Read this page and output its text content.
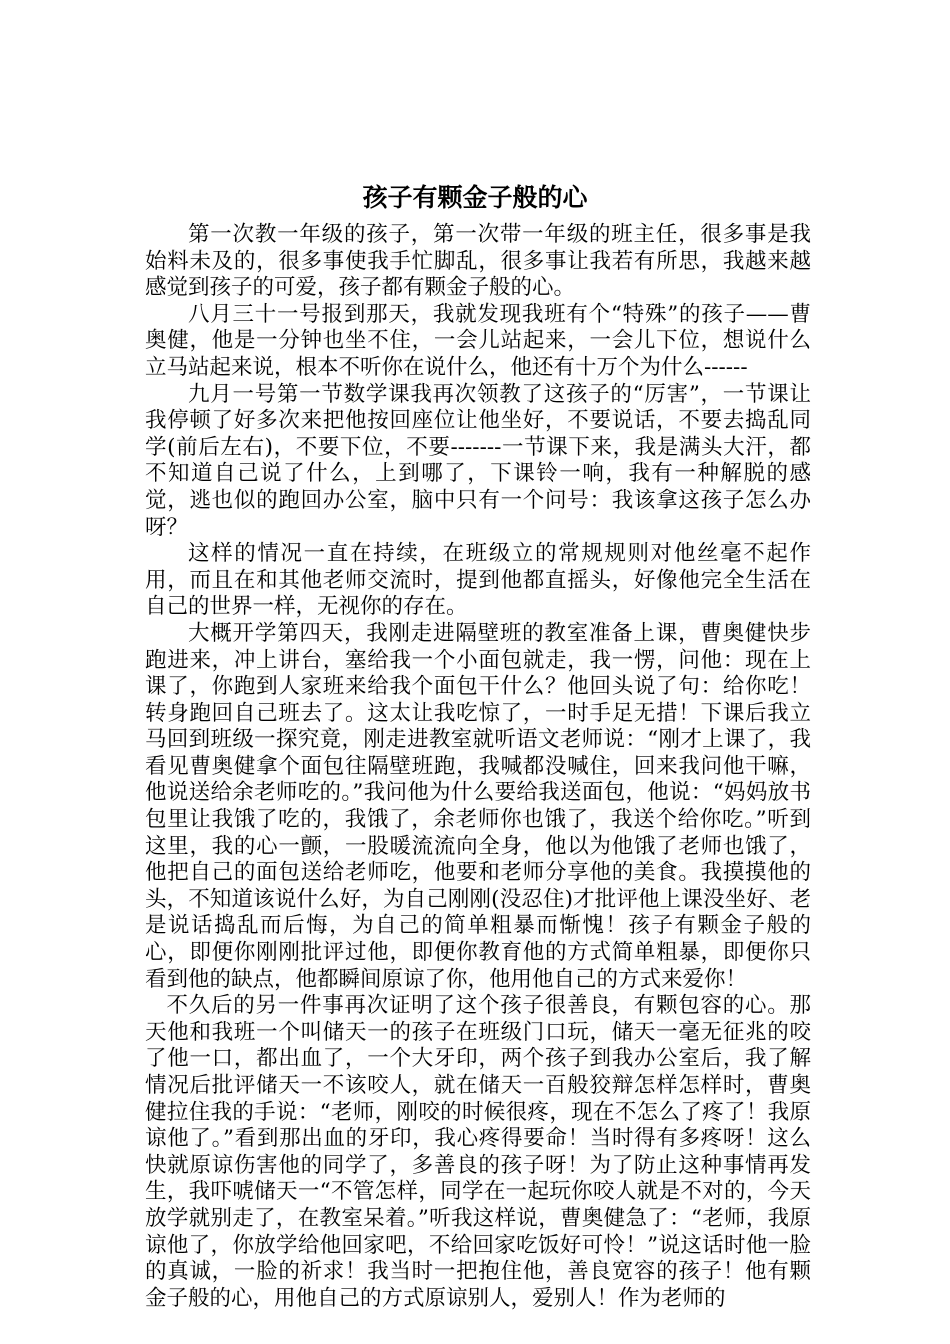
孩子有颗金子般的心

第一次教一年级的孩子，第一次带一年级的班主任，很多事是我始料未及的，很多事使我手忙脚乱，很多事让我若有所思，我越来越感觉到孩子的可爱，孩子都有颗金子般的心。

八月三十一号报到那天，我就发现我班有个“特殊”的孩子——曹奥健，他是一分钟也坐不住，一会儿站起来，一会儿下位，想说什么立马站起来说，根本不听你在说什么，他还有十万个为什么------

九月一号第一节数学课我再次领教了这孩子的“厉害”，一节课让我停顿了好多次来把他按回座位让他坐好，不要说话，不要去捣乱同学(前后左右)，不要下位，不要-------一节课下来，我是满头大汗，都不知道自己说了什么，上到哪了，下课铃一响，我有一种解脱的感觉，逃也似的跑回办公室，脑中只有一个问号：我该拿这孩子怎么办呀？

这样的情况一直在持续，在班级立的常规规则对他丝毫不起作用，而且在和其他老师交流时，提到他都直摇头，好像他完全生活在自己的世界一样，无视你的存在。

大概开学第四天，我刚走进隔壁班的教室准备上课，曹奥健快步跑进来，冲上讲台，塞给我一个小面包就走，我一愣，问他：现在上课了，你跑到人家班来给我个面包干什么？他回头说了句：给你吃！转身跑回自己班去了。这太让我吃惊了，一时手足无措！下课后我立马回到班级一探究竟，刚走进教室就听语文老师说：“刚才上课了，我看见曹奥健拿个面包往隔壁班跑，我喊都没喊住，回来我问他干嘛，他说送给余老师吃的。”我问他为什么要给我送面包，他说：“妈妈放书包里让我饿了吃的，我饿了，余老师你也饿了，我送个给你吃。”听到这里，我的心一颤，一股暖流流向全身，他以为他饿了老师也饿了，他把自己的面包送给老师吃，他要和老师分享他的美食。我摸摸他的头，不知道该说什么好，为自己刚刚(没忍住)才批评他上课没坐好、老是说话捣乱而后悔，为自己的简单粗暴而惭愧！孩子有颗金子般的心，即便你刚刚批评过他，即便你教育他的方式简单粗暴，即便你只看到他的缺点，他都瞬间原谅了你，他用他自己的方式来爱你！

不久后的另一件事再次证明了这个孩子很善良，有颗包容的心。那天他和我班一个叫储天一的孩子在班级门口玩，储天一毫无征兆的咬了他一口，都出血了，一个大牙印，两个孩子到我办公室后，我了解情况后批评储天一不该咬人，就在储天一百般狡辩怎样怎样时，曹奥健拉住我的手说：“老师，刚咬的时候很疼，现在不怎么了疼了！我原谅他了。”看到那出血的牙印，我心疼得要命！当时得有多疼呀！这么快就原谅伤害他的同学了，多善良的孩子呀！为了防止这种事情再发生，我吓唬储天一“不管怎样，同学在一起玩你咬人就是不对的，今天放学就别走了，在教室呆着。”听我这样说，曹奥健急了：“老师，我原谅他了，你放学给他回家吧，不给回家吃饭好可怜！”说这话时他一脸的真诚，一脸的祈求！我当时一把抱住他，善良宽容的孩子！他有颗金子般的心，用他自己的方式原谅别人，爱别人！作为老师的
